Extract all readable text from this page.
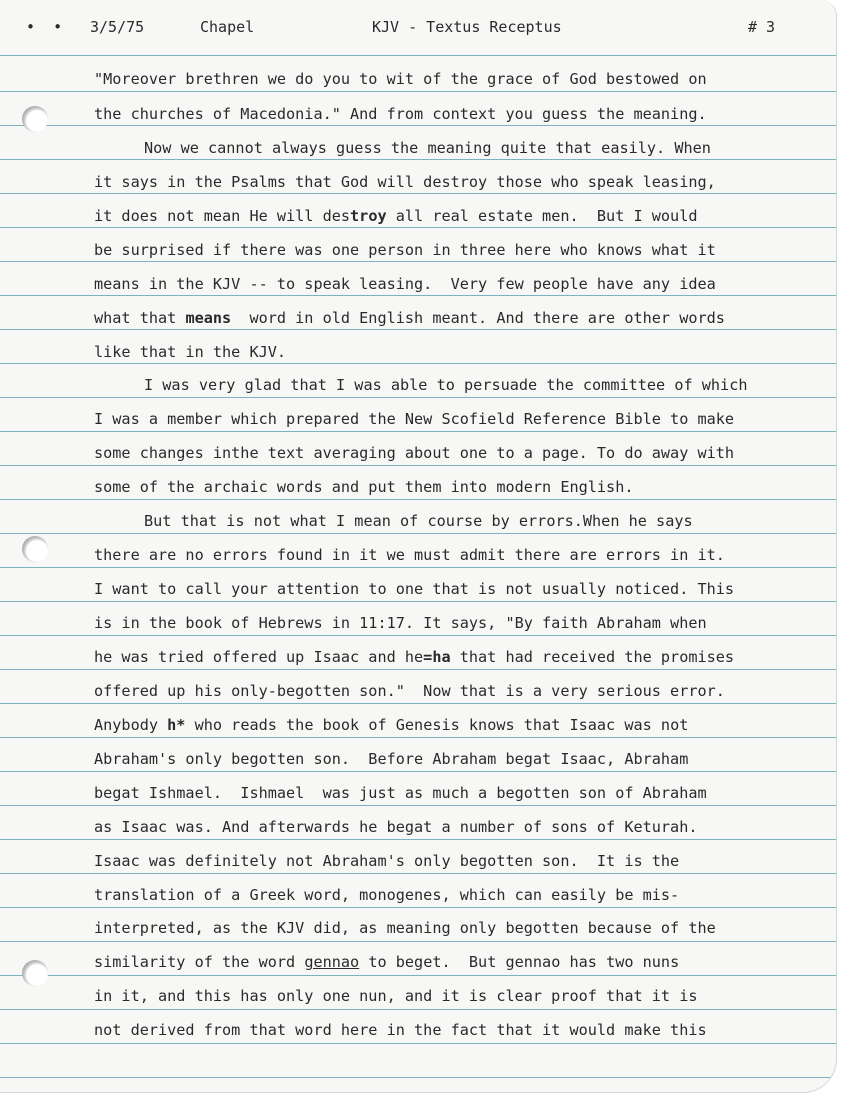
•  • 3/5/75	Chapel	KJV - Textus Receptus	# 3
"Moreover brethren we do you to wit of the grace of God bestowed on
the churches of Macedonia." And from context you guess the meaning.
Now we cannot always guess the meaning quite that easily. When
it says in the Psalms that God will destroy those who speak leasing,
it does not mean He will destroy all real estate men.  But I would
be surprised if there was one person in three here who knows what it
means in the KJV -- to speak leasing.  Very few people have any idea
what that means  word in old English meant. And there are other words
like that in the KJV.
I was very glad that I was able to persuade the committee of which
I was a member which prepared the New Scofield Reference Bible to make
some changes inthe text averaging about one to a page. To do away with
some of the archaic words and put them into modern English.
But that is not what I mean of course by errors.When he says
there are no errors found in it we must admit there are errors in it.
I want to call your attention to one that is not usually noticed. This
is in the book of Hebrews in 11:17. It says, "By faith Abraham when
he was tried offered up Isaac and he=ha that had received the promises
offered up his only-begotten son."  Now that is a very serious error.
Anybody h* who reads the book of Genesis knows that Isaac was not
Abraham's only begotten son.  Before Abraham begat Isaac, Abraham
begat Ishmael.  Ishmael  was just as much a begotten son of Abraham
as Isaac was. And afterwards he begat a number of sons of Keturah.
Isaac was definitely not Abraham's only begotten son.  It is the
translation of a Greek word, monogenes, which can easily be mis-
interpreted, as the KJV did, as meaning only begotten because of the
similarity of the word gennao to beget.  But gennao has two nuns
in it, and this has only one nun, and it is clear proof that it is
not derived from that word here in the fact that it would make this
